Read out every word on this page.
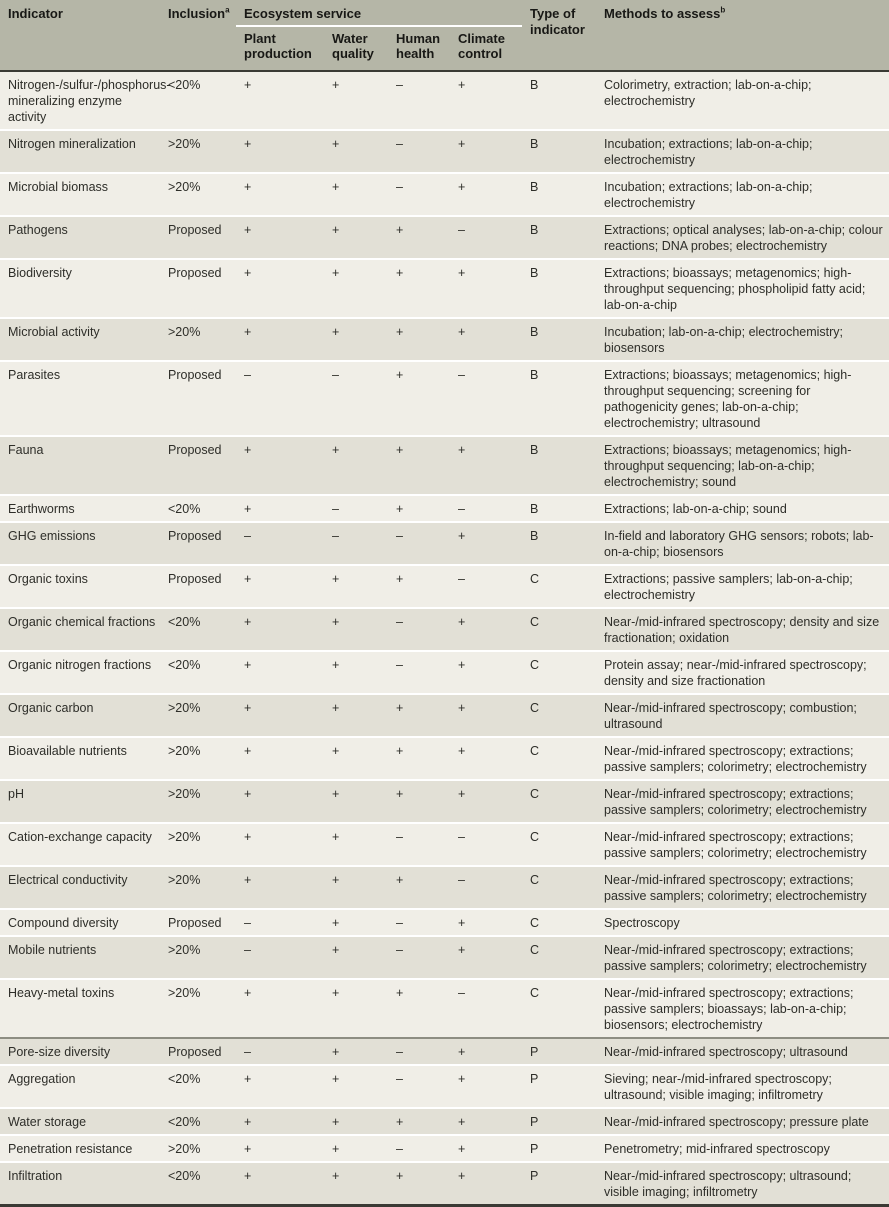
Indicator	Inclusion$^a$	Ecosystem service				Type of indicator	Methods to assess$^b$
		Plant production	Water quality	Human health	Climate control		
Nitrogen-/sulfur-/phosphorus-mineralizing enzyme activity	<20%	+	+	–	+	B	Colorimetry, extraction; lab-on-a-chip; electrochemistry
Nitrogen mineralization	>20%	+	+	–	+	B	Incubation; extractions; lab-on-a-chip; electrochemistry
Microbial biomass	>20%	+	+	–	+	B	Incubation; extractions; lab-on-a-chip; electrochemistry
Pathogens	Proposed	+	+	+	–	B	Extractions; optical analyses; lab-on-a-chip; colour reactions; DNA probes; electrochemistry
Biodiversity	Proposed	+	+	+	+	B	Extractions; bioassays; metagenomics; high-throughput sequencing; phospholipid fatty acid; lab-on-a-chip
Microbial activity	>20%	+	+	+	+	B	Incubation; lab-on-a-chip; electrochemistry; biosensors
Parasites	Proposed	–	–	+	–	B	Extractions; bioassays; metagenomics; high-throughput sequencing; screening for pathogenicity genes; lab-on-a-chip; electrochemistry; ultrasound
Fauna	Proposed	+	+	+	+	B	Extractions; bioassays; metagenomics; high-throughput sequencing; lab-on-a-chip; electrochemistry; sound
Earthworms	<20%	+	–	+	–	B	Extractions; lab-on-a-chip; sound
GHG emissions	Proposed	–	–	–	+	B	In-field and laboratory GHG sensors; robots; lab-on-a-chip; biosensors
Organic toxins	Proposed	+	+	+	–	C	Extractions; passive samplers; lab-on-a-chip; electrochemistry
Organic chemical fractions	<20%	+	+	–	+	C	Near-/mid-infrared spectroscopy; density and size fractionation; oxidation
Organic nitrogen fractions	<20%	+	+	–	+	C	Protein assay; near-/mid-infrared spectroscopy; density and size fractionation
Organic carbon	>20%	+	+	+	+	C	Near-/mid-infrared spectroscopy; combustion; ultrasound
Bioavailable nutrients	>20%	+	+	+	+	C	Near-/mid-infrared spectroscopy; extractions; passive samplers; colorimetry; electrochemistry
pH	>20%	+	+	+	+	C	Near-/mid-infrared spectroscopy; extractions; passive samplers; colorimetry; electrochemistry
Cation-exchange capacity	>20%	+	+	–	–	C	Near-/mid-infrared spectroscopy; extractions; passive samplers; colorimetry; electrochemistry
Electrical conductivity	>20%	+	+	+	–	C	Near-/mid-infrared spectroscopy; extractions; passive samplers; colorimetry; electrochemistry
Compound diversity	Proposed	–	+	–	+	C	Spectroscopy
Mobile nutrients	>20%	–	+	–	+	C	Near-/mid-infrared spectroscopy; extractions; passive samplers; colorimetry; electrochemistry
Heavy-metal toxins	>20%	+	+	+	–	C	Near-/mid-infrared spectroscopy; extractions; passive samplers; bioassays; lab-on-a-chip; biosensors; electrochemistry
Pore-size diversity	Proposed	–	+	–	+	P	Near-/mid-infrared spectroscopy; ultrasound
Aggregation	<20%	+	+	–	+	P	Sieving; near-/mid-infrared spectroscopy; ultrasound; visible imaging; infiltrometry
Water storage	<20%	+	+	+	+	P	Near-/mid-infrared spectroscopy; pressure plate
Penetration resistance	>20%	+	+	–	+	P	Penetrometry; mid-infrared spectroscopy
Infiltration	<20%	+	+	+	+	P	Near-/mid-infrared spectroscopy; ultrasound; visible imaging; infiltrometry
